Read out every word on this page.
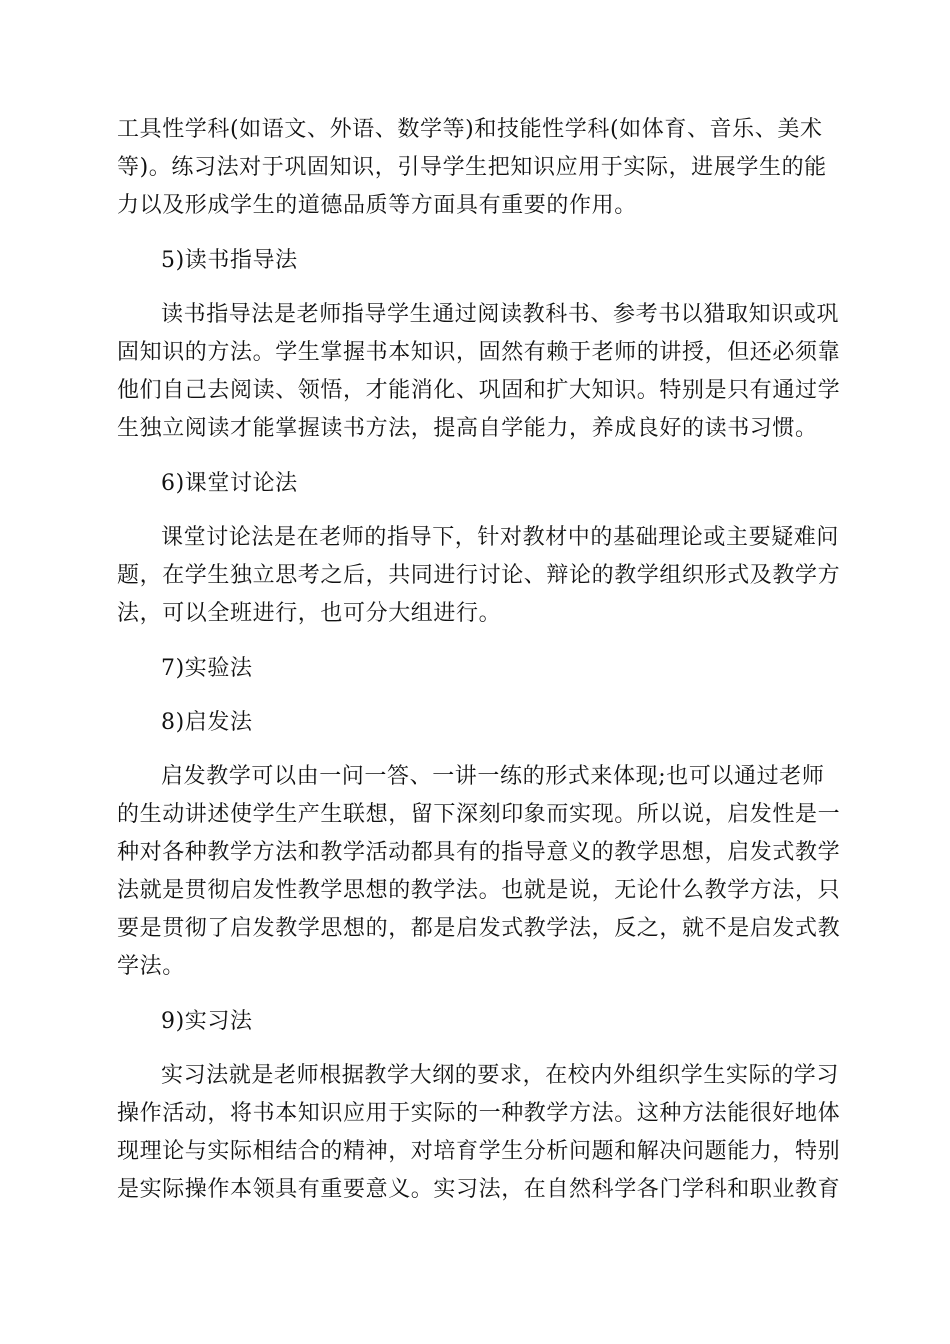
工具性学科(如语文、外语、数学等)和技能性学科(如体育、音乐、美术
等)。练习法对于巩固知识，引导学生把知识应用于实际，进展学生的能
力以及形成学生的道德品质等方面具有重要的作用。
5)读书指导法
读书指导法是老师指导学生通过阅读教科书、参考书以猎取知识或巩
固知识的方法。学生掌握书本知识，固然有赖于老师的讲授，但还必须靠
他们自己去阅读、领悟，才能消化、巩固和扩大知识。特别是只有通过学
生独立阅读才能掌握读书方法，提高自学能力，养成良好的读书习惯。
6)课堂讨论法
课堂讨论法是在老师的指导下，针对教材中的基础理论或主要疑难问
题，在学生独立思考之后，共同进行讨论、辩论的教学组织形式及教学方
法，可以全班进行，也可分大组进行。
7)实验法
8)启发法
启发教学可以由一问一答、一讲一练的形式来体现;也可以通过老师
的生动讲述使学生产生联想，留下深刻印象而实现。所以说，启发性是一
种对各种教学方法和教学活动都具有的指导意义的教学思想，启发式教学
法就是贯彻启发性教学思想的教学法。也就是说，无论什么教学方法，只
要是贯彻了启发教学思想的，都是启发式教学法，反之，就不是启发式教
学法。
9)实习法
实习法就是老师根据教学大纲的要求，在校内外组织学生实际的学习
操作活动，将书本知识应用于实际的一种教学方法。这种方法能很好地体
现理论与实际相结合的精神，对培育学生分析问题和解决问题能力，特别
是实际操作本领具有重要意义。实习法，在自然科学各门学科和职业教育
